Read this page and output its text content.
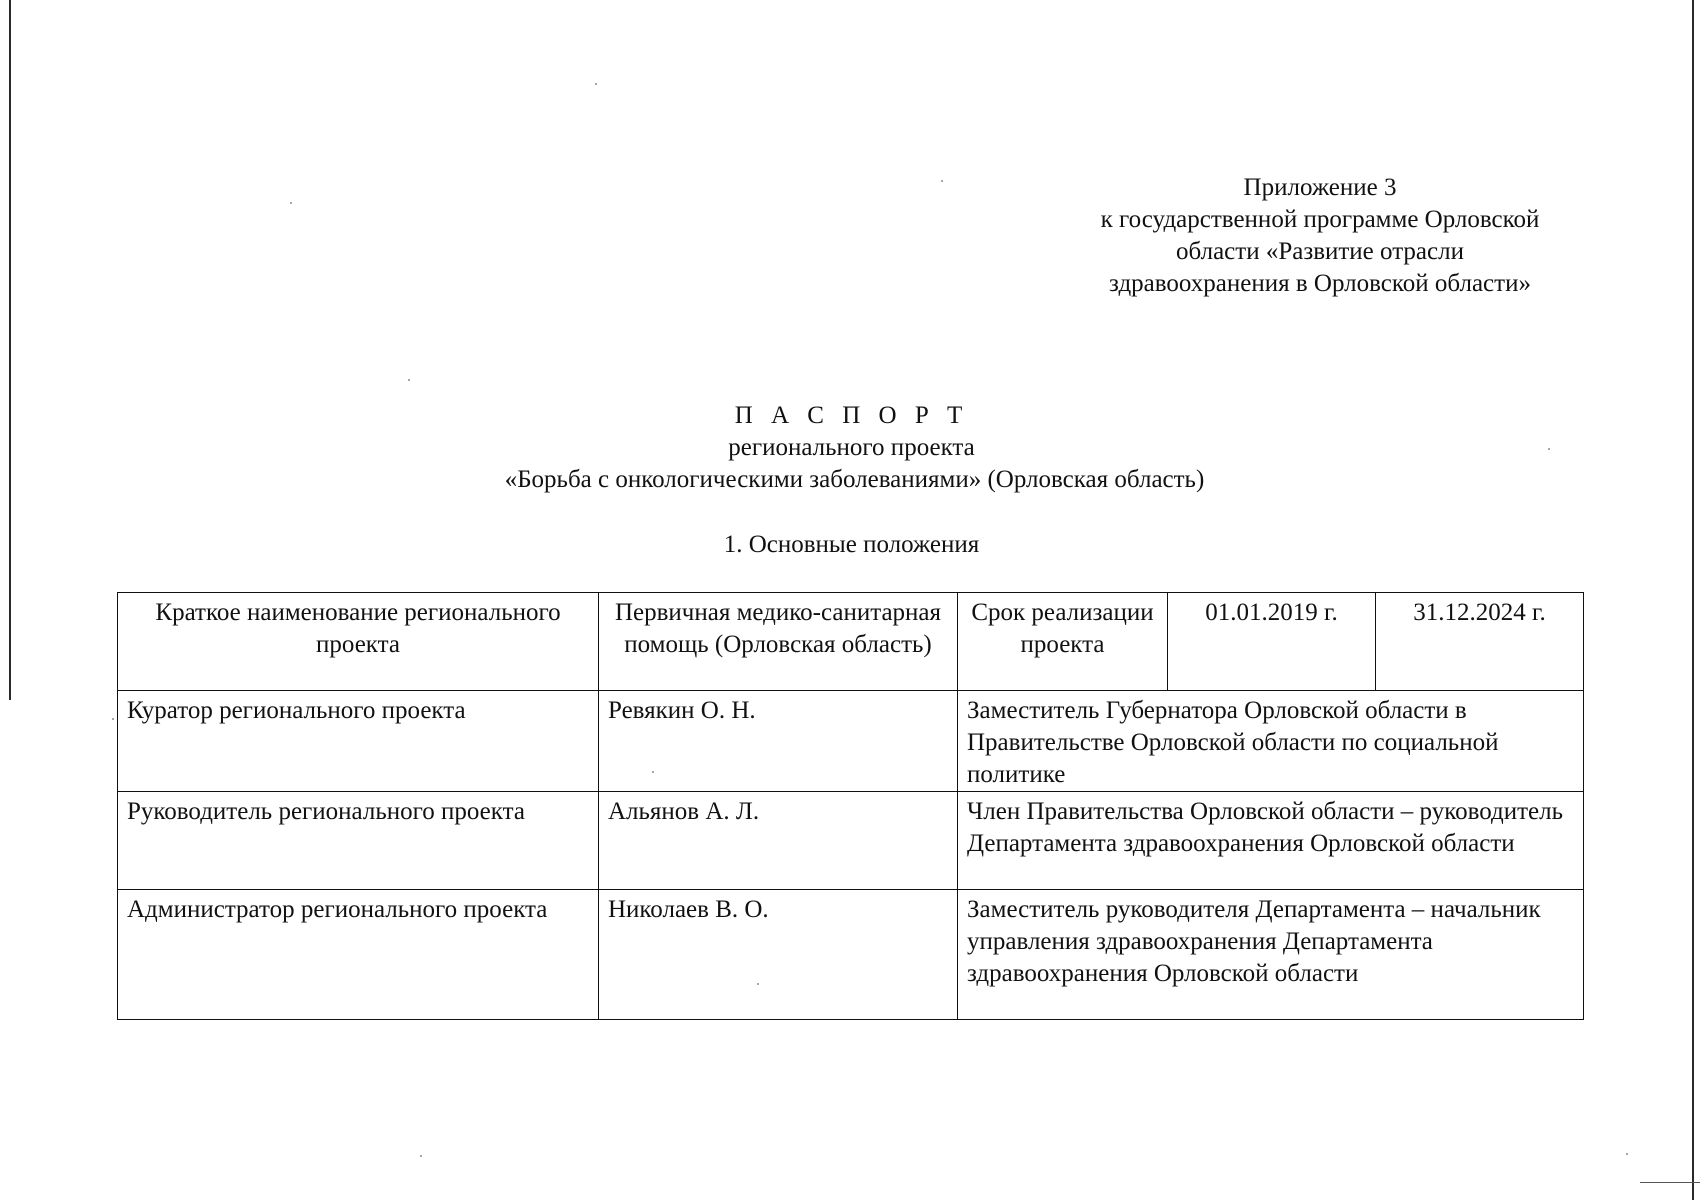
Приложение 3
к государственной программе Орловской
области «Развитие отрасли
здравоохранения в Орловской области»
П А С П О Р Т
регионального проекта
«Борьба с онкологическими заболеваниями» (Орловская область)
1. Основные положения
Краткое наименование регионального проекта	Первичная медико-санитарная помощь (Орловская область)	Срок реализации проекта	01.01.2019 г.	31.12.2024 г.
Куратор регионального проекта	Ревякин О. Н.	Заместитель Губернатора Орловской области в Правительстве Орловской области по социальной политике		
Руководитель регионального проекта	Альянов А. Л.	Член Правительства Орловской области – руководитель Департамента здравоохранения Орловской области		
Администратор регионального проекта	Николаев В. О.	Заместитель руководителя Департамента – начальник управления здравоохранения Департамента здравоохранения Орловской области		
